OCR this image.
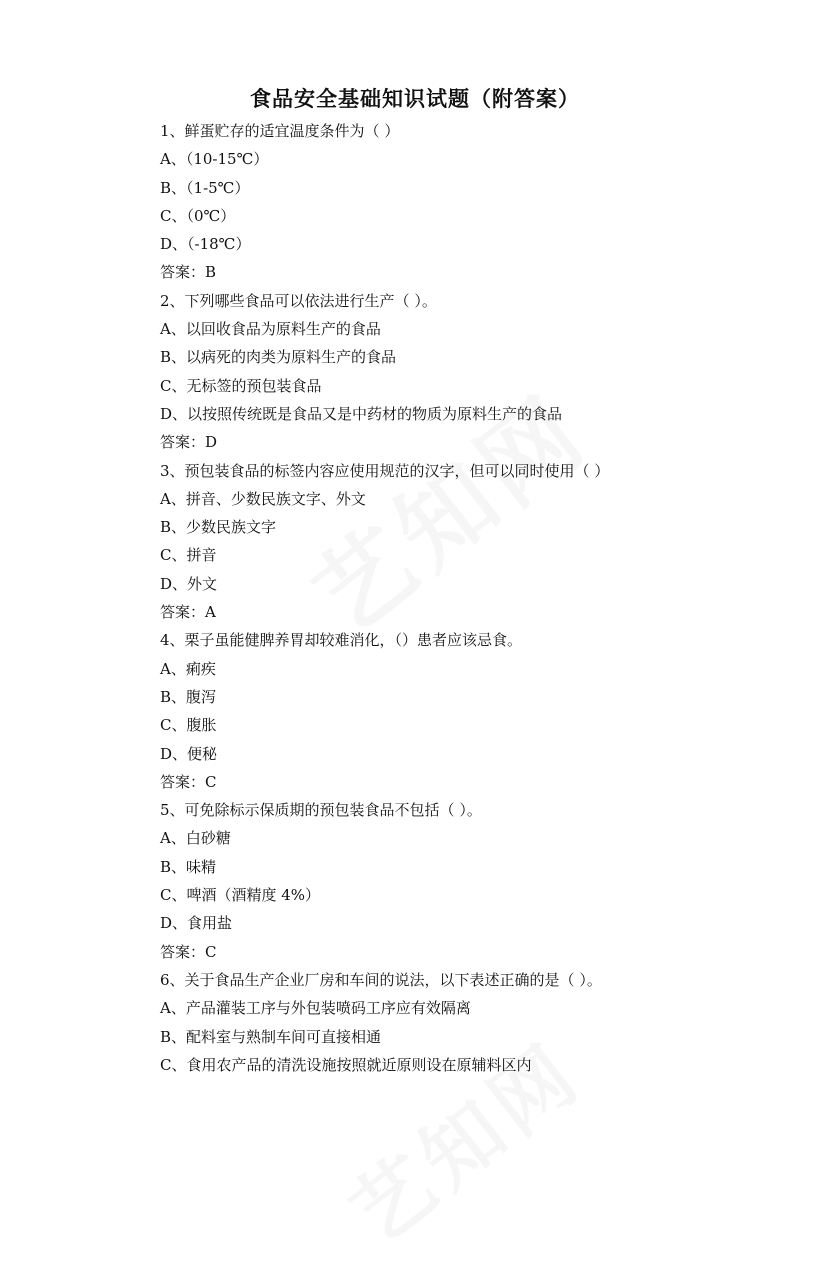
食品安全基础知识试题（附答案）
1、鲜蛋贮存的适宜温度条件为（ ）
A、（10-15℃）
B、（1-5℃）
C、（0℃）
D、（-18℃）
答案：B
2、下列哪些食品可以依法进行生产（ ）。
A、以回收食品为原料生产的食品
B、以病死的肉类为原料生产的食品
C、无标签的预包装食品
D、以按照传统既是食品又是中药材的物质为原料生产的食品
答案：D
3、预包装食品的标签内容应使用规范的汉字，但可以同时使用（ ）
A、拼音、少数民族文字、外文
B、少数民族文字
C、拼音
D、外文
答案：A
4、栗子虽能健脾养胃却较难消化，（）患者应该忌食。
A、痢疾
B、腹泻
C、腹胀
D、便秘
答案：C
5、可免除标示保质期的预包装食品不包括（ ）。
A、白砂糖
B、味精
C、啤酒（酒精度 4%）
D、食用盐
答案：C
6、关于食品生产企业厂房和车间的说法，以下表述正确的是（ ）。
A、产品灌装工序与外包装喷码工序应有效隔离
B、配料室与熟制车间可直接相通
C、食用农产品的清洗设施按照就近原则设在原辅料区内
